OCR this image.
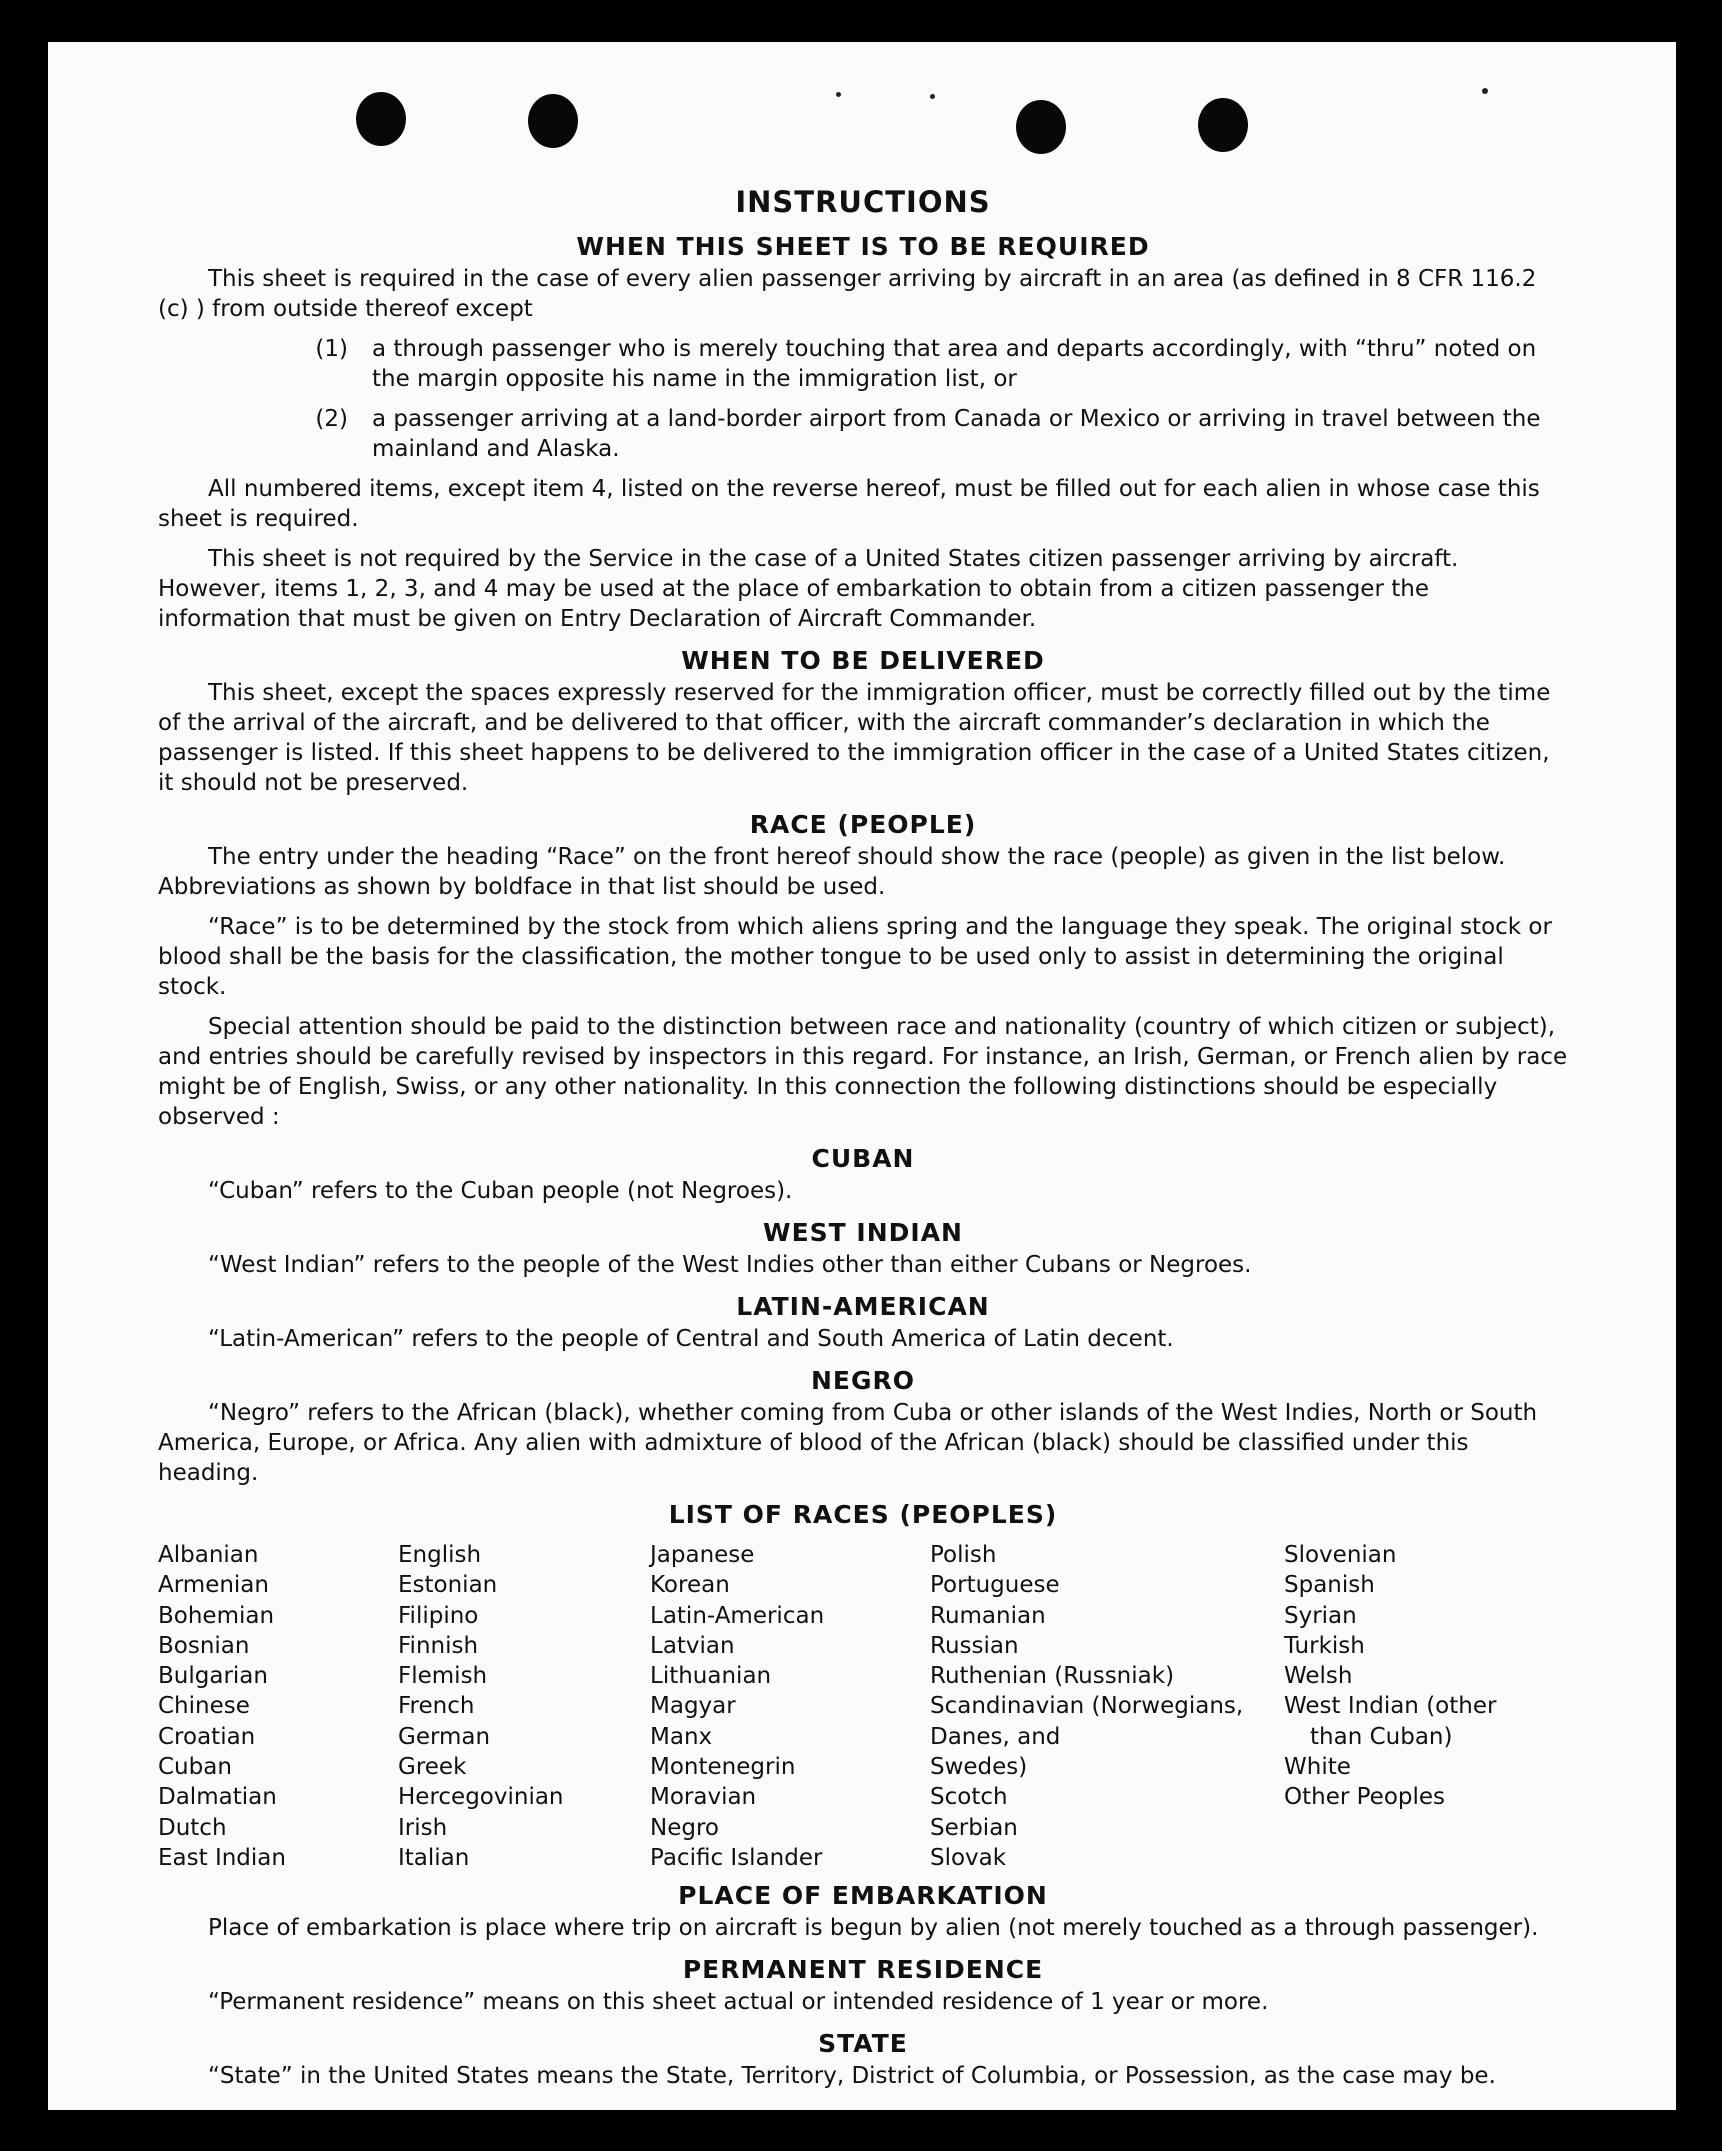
INSTRUCTIONS
WHEN THIS SHEET IS TO BE REQUIRED

This sheet is required in the case of every alien passenger arriving by aircraft in an area (as defined in 8 CFR 116.2 (c) ) from outside thereof except

(1)	a through passenger who is merely touching that area and departs accordingly, with “thru” noted on the margin opposite his name in the immigration list, or
(2)	a passenger arriving at a land-border airport from Canada or Mexico or arriving in travel between the mainland and Alaska.

All numbered items, except item 4, listed on the reverse hereof, must be filled out for each alien in whose case this sheet is required.

This sheet is not required by the Service in the case of a United States citizen passenger arriving by aircraft. However, items 1, 2, 3, and 4 may be used at the place of embarkation to obtain from a citizen passenger the information that must be given on Entry Declaration of Aircraft Commander.

WHEN TO BE DELIVERED

This sheet, except the spaces expressly reserved for the immigration officer, must be correctly filled out by the time of the arrival of the aircraft, and be delivered to that officer, with the aircraft commander’s declaration in which the passenger is listed. If this sheet happens to be delivered to the immigration officer in the case of a United States citizen, it should not be preserved.

RACE (PEOPLE)

The entry under the heading “Race” on the front hereof should show the race (people) as given in the list below. Abbreviations as shown by boldface in that list should be used.

“Race” is to be determined by the stock from which aliens spring and the language they speak. The original stock or blood shall be the basis for the classification, the mother tongue to be used only to assist in determining the original stock.

Special attention should be paid to the distinction between race and nationality (country of which citizen or subject), and entries should be carefully revised by inspectors in this regard. For instance, an Irish, German, or French alien by race might be of English, Swiss, or any other nationality. In this connection the following distinctions should be especially observed :

CUBAN

“Cuban” refers to the Cuban people (not Negroes).

WEST INDIAN

“West Indian” refers to the people of the West Indies other than either Cubans or Negroes.

LATIN-AMERICAN

“Latin-American” refers to the people of Central and South America of Latin decent.

NEGRO

“Negro” refers to the African (black), whether coming from Cuba or other islands of the West Indies, North or South America, Europe, or Africa. Any alien with admixture of blood of the African (black) should be classified under this heading.

LIST OF RACES (PEOPLES)
Albanian
Armenian
Bohemian
Bosnian
Bulgarian
Chinese
Croatian
Cuban
Dalmatian
Dutch
East Indian
English
Estonian
Filipino
Finnish
Flemish
French
German
Greek
Hercegovinian
Irish
Italian
Japanese
Korean
Latin-American
Latvian
Lithuanian
Magyar
Manx
Montenegrin
Moravian
Negro
Pacific Islander
Polish
Portuguese
Rumanian
Russian
Ruthenian (Russniak)
Scandinavian (Norwegians,
Danes, and
Swedes)
Scotch
Serbian
Slovak
Slovenian
Spanish
Syrian
Turkish
Welsh
West Indian (other
than Cuban)
White
Other Peoples
PLACE OF EMBARKATION

Place of embarkation is place where trip on aircraft is begun by alien (not merely touched as a through passenger).

PERMANENT RESIDENCE

“Permanent residence” means on this sheet actual or intended residence of 1 year or more.

STATE

“State” in the United States means the State, Territory, District of Columbia, or Possession, as the case may be.
